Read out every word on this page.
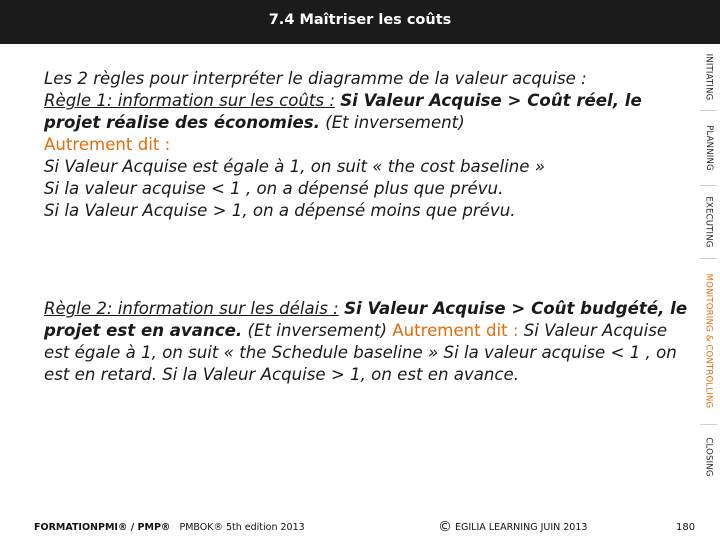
7.4 Maîtriser les coûts
INITIATING
PLANNING
EXECUTING
MONITORING & CONTROLLING
CLOSING
Les 2 règles pour interpréter le diagramme de la valeur acquise :
Règle 1: information sur les coûts : Si Valeur Acquise > Coût réel, le projet réalise des économies. (Et inversement)
Autrement dit :
Si Valeur Acquise est égale à 1, on suit « the cost baseline »
Si la valeur acquise < 1 , on a dépensé plus que prévu.
Si la Valeur Acquise > 1, on a dépensé moins que prévu.
Règle 2: information sur les délais : Si Valeur Acquise > Coût budgété, le projet est en avance. (Et inversement) Autrement dit : Si Valeur Acquise est égale à 1, on suit « the Schedule baseline » Si la valeur acquise < 1 , on est en retard. Si la Valeur Acquise > 1, on est en avance.
FORMATIONPMI® / PMP® PMBOK® 5th edition 2013	© EGILIA LEARNING JUIN 2013	180
